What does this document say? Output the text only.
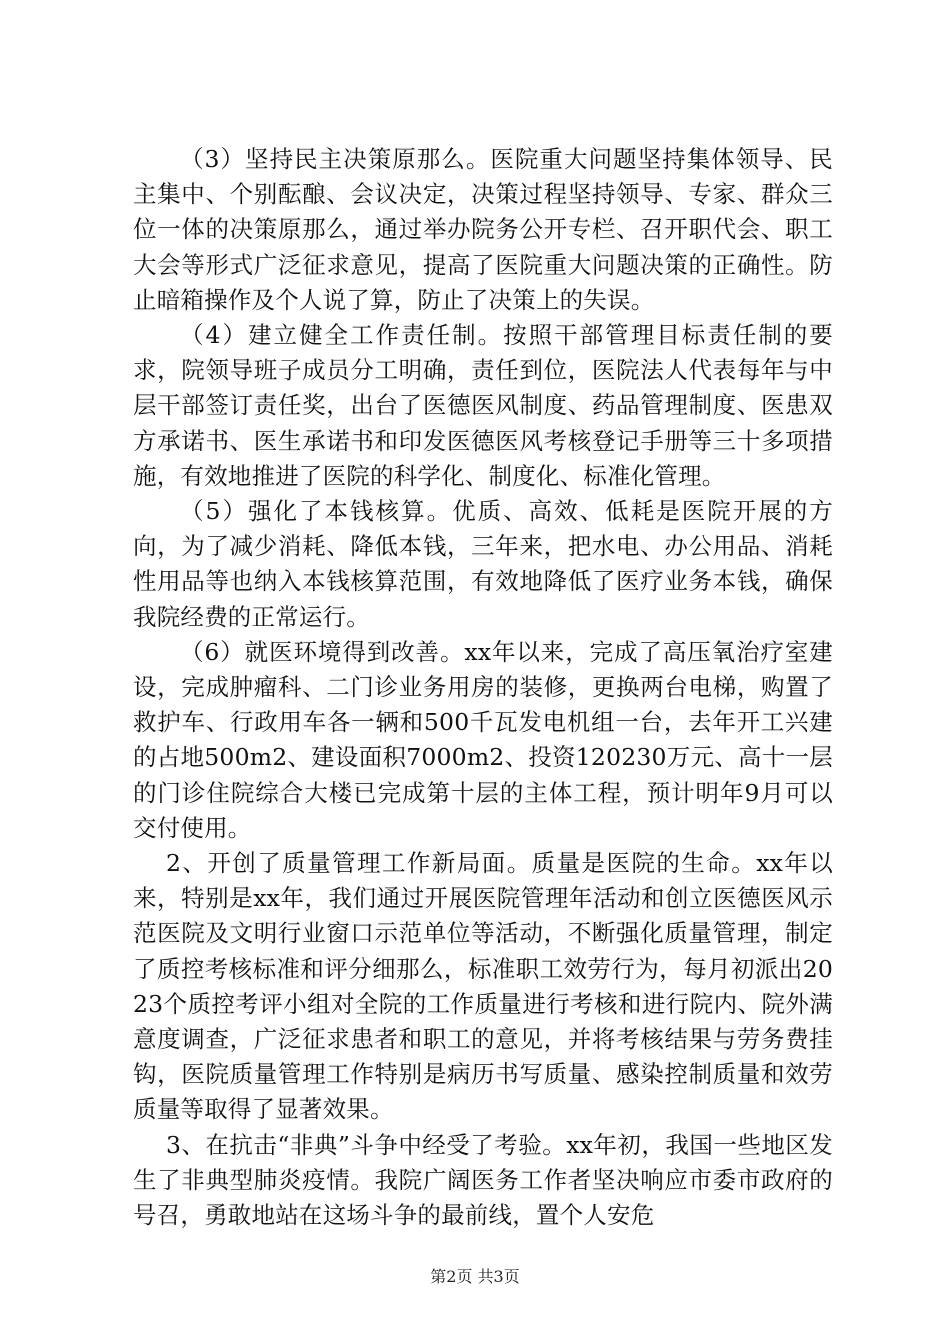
（3）坚持民主决策原那么。医院重大问题坚持集体领导、民主集中、个别酝酿、会议决定，决策过程坚持领导、专家、群众三位一体的决策原那么，通过举办院务公开专栏、召开职代会、职工大会等形式广泛征求意见，提高了医院重大问题决策的正确性。防止暗箱操作及个人说了算，防止了决策上的失误。

（4）建立健全工作责任制。按照干部管理目标责任制的要求，院领导班子成员分工明确，责任到位，医院法人代表每年与中层干部签订责任奖，出台了医德医风制度、药品管理制度、医患双方承诺书、医生承诺书和印发医德医风考核登记手册等三十多项措施，有效地推进了医院的科学化、制度化、标准化管理。

（5）强化了本钱核算。优质、高效、低耗是医院开展的方向，为了减少消耗、降低本钱，三年来，把水电、办公用品、消耗性用品等也纳入本钱核算范围，有效地降低了医疗业务本钱，确保我院经费的正常运行。

（6）就医环境得到改善。xx年以来，完成了高压氧治疗室建设，完成肿瘤科、二门诊业务用房的装修，更换两台电梯，购置了救护车、行政用车各一辆和500千瓦发电机组一台，去年开工兴建的占地500m2、建设面积7000m2、投资120230万元、高十一层的门诊住院综合大楼已完成第十层的主体工程，预计明年9月可以交付使用。

2、开创了质量管理工作新局面。质量是医院的生命。xx年以来，特别是xx年，我们通过开展医院管理年活动和创立医德医风示范医院及文明行业窗口示范单位等活动，不断强化质量管理，制定了质控考核标准和评分细那么，标准职工效劳行为，每月初派出2023个质控考评小组对全院的工作质量进行考核和进行院内、院外满意度调查，广泛征求患者和职工的意见，并将考核结果与劳务费挂钩，医院质量管理工作特别是病历书写质量、感染控制质量和效劳质量等取得了显著效果。

3、在抗击“非典”斗争中经受了考验。xx年初，我国一些地区发生了非典型肺炎疫情。我院广阔医务工作者坚决响应市委市政府的号召，勇敢地站在这场斗争的最前线，置个人安危

第2页 共3页
